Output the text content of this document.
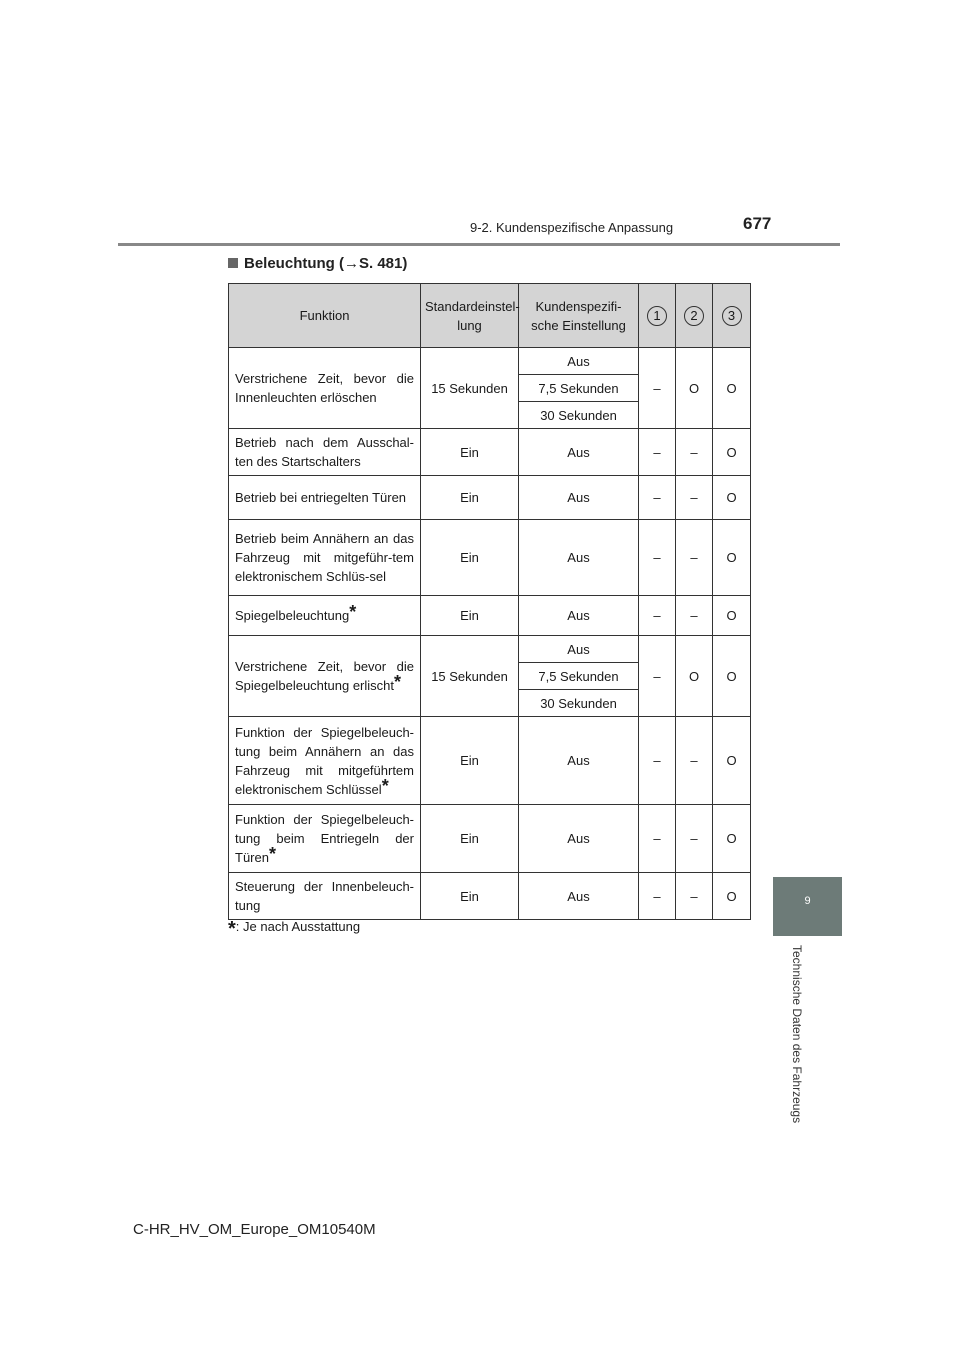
9-2. Kundenspezifische Anpassung	677
Beleuchtung (→S. 481)
Funktion	Standardeinstel-lung	Kundenspezifi-sche Einstellung	1	2	3
Verstrichene Zeit, bevor die Innenleuchten erlöschen	15 Sekunden	Aus	–	O	O
		7,5 Sekunden			
		30 Sekunden			
Betrieb nach dem Ausschal-ten des Startschalters	Ein	Aus	–	–	O
Betrieb bei entriegelten Türen	Ein	Aus	–	–	O
Betrieb beim Annähern an das Fahrzeug mit mitgeführ-tem elektronischem Schlüs-sel	Ein	Aus	–	–	O
Spiegelbeleuchtung*	Ein	Aus	–	–	O
Verstrichene Zeit, bevor die Spiegelbeleuchtung erlischt*	15 Sekunden	Aus	–	O	O
		7,5 Sekunden			
		30 Sekunden			
Funktion der Spiegelbeleuch-tung beim Annähern an das Fahrzeug mit mitgeführtem elektronischem Schlüssel*	Ein	Aus	–	–	O
Funktion der Spiegelbeleuch-tung beim Entriegeln der Türen*	Ein	Aus	–	–	O
Steuerung der Innenbeleuch-tung	Ein	Aus	–	–	O
*: Je nach Ausstattung
9
Technische Daten des Fahrzeugs
C-HR_HV_OM_Europe_OM10540M
